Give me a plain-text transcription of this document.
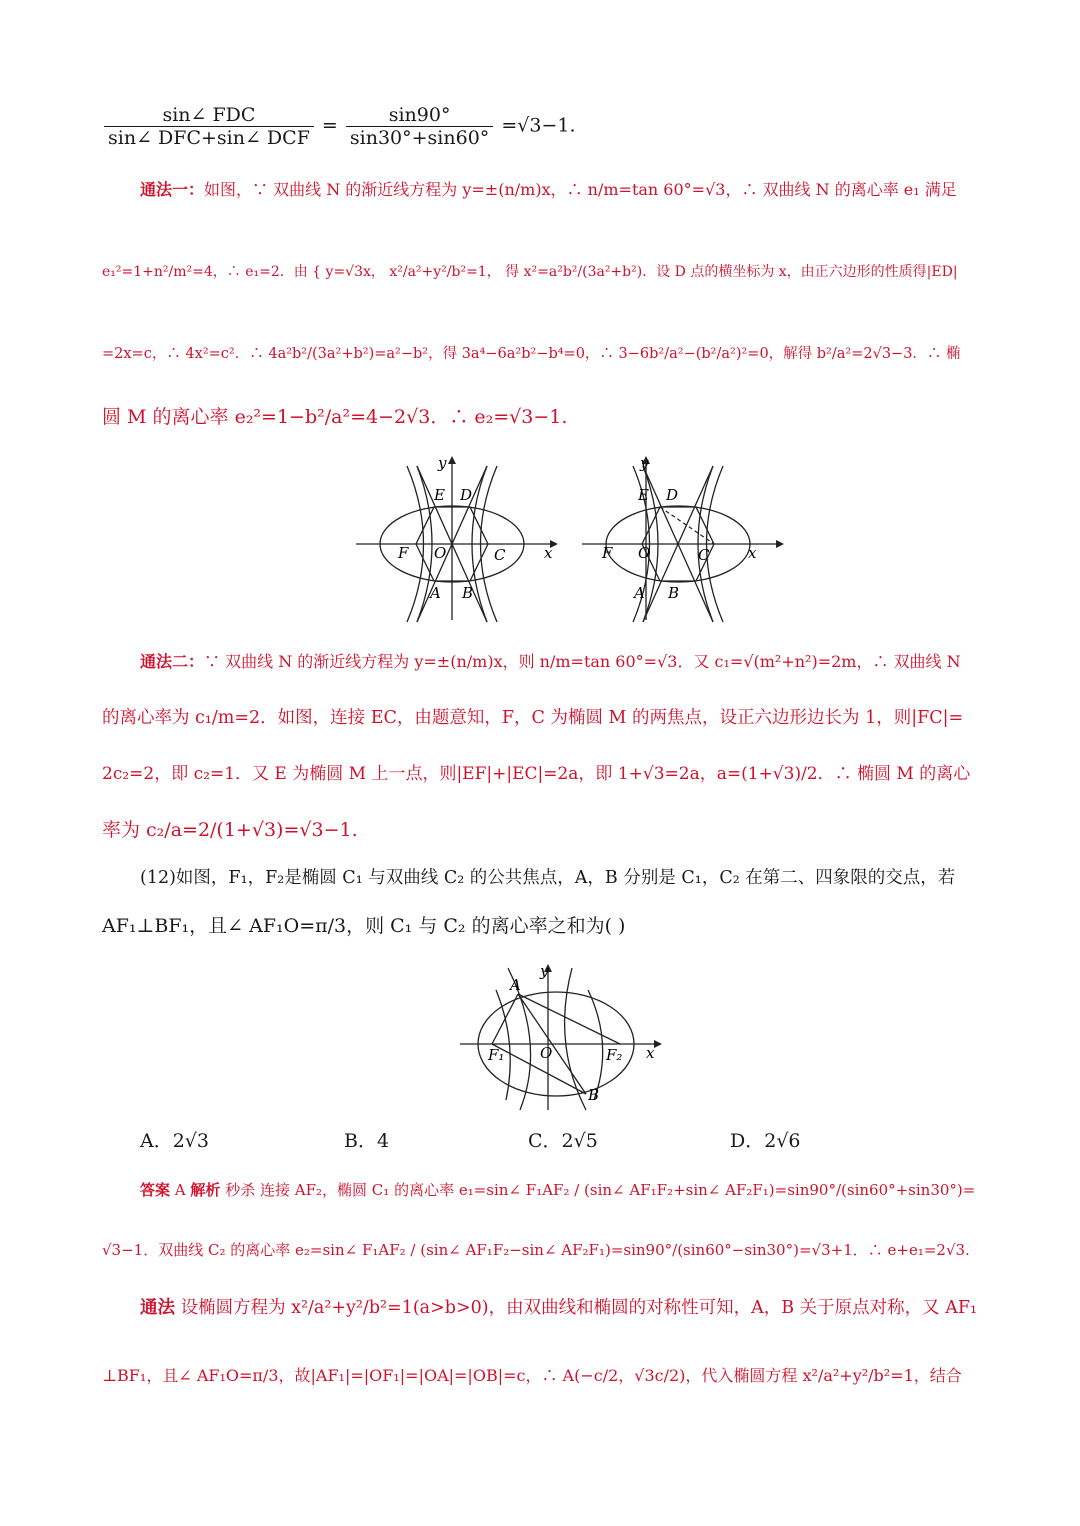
$\frac{\text{sin∠ FDC}}{\text{sin∠ DFC+sin∠ DCF}} = \frac{\sin 90^\circ}{\sin 30^\circ+\sin 60^\circ} =√3-1$.
通法一：如图，∵ 双曲线 N 的渐近线方程为 y=±(n/m)x，∴ n/m=tan 60°=√3，∴ 双曲线 N 的离心率 e₁ 满足
e₁²=1+n²/m²=4，∴ e₁=2．由 { y=√3x， x²/a²+y²/b²=1， 得 x²=a²b²/(3a²+b²)．设 D 点的横坐标为 x，由正六边形的性质得|ED|
=2x=c，∴ 4x²=c²．∴ 4a²b²/(3a²+b²)=a²−b²，得 3a⁴−6a²b²−b⁴=0，∴ 3−6b²/a²−(b²/a²)²=0，解得 b²/a²=2√3−3．∴ 椭
圆 M 的离心率 e₂²=1−b²/a²=4−2√3．∴ e₂=√3−1.
y
E D
F O	C	x
A B
y
E D
F O	C	x
A B
通法二：∵ 双曲线 N 的渐近线方程为 y=±(n/m)x，则 n/m=tan 60°=√3．又 c₁=√(m²+n²)=2m，∴ 双曲线 N
的离心率为 c₁/m=2．如图，连接 EC，由题意知，F，C 为椭圆 M 的两焦点，设正六边形边长为 1，则|FC|=
2c₂=2，即 c₂=1．又 E 为椭圆 M 上一点，则|EF|+|EC|=2a，即 1+√3=2a，a=(1+√3)/2．∴ 椭圆 M 的离心
率为 c₂/a=2/(1+√3)=√3−1.
(12)如图，F₁，F₂是椭圆 C₁ 与双曲线 C₂ 的公共焦点，A，B 分别是 C₁，C₂ 在第二、四象限的交点，若
AF₁⊥BF₁，且∠ AF₁O=π/3，则 C₁ 与 C₂ 的离心率之和为( )
y
A
F₁ O	F₂ x
B
A．2√3	B．4	C．2√5	D．2√6
答案 A 解析 秒杀 连接 AF₂，椭圆 C₁ 的离心率 e₁=sin∠ F₁AF₂ / (sin∠ AF₁F₂+sin∠ AF₂F₁)=sin90°/(sin60°+sin30°)=
√3−1．双曲线 C₂ 的离心率 e₂=sin∠ F₁AF₂ / (sin∠ AF₁F₂−sin∠ AF₂F₁)=sin90°/(sin60°−sin30°)=√3+1．∴ e+e₁=2√3.
通法 设椭圆方程为 x²/a²+y²/b²=1(a>b>0)，由双曲线和椭圆的对称性可知，A，B 关于原点对称，又 AF₁
⊥BF₁，且∠ AF₁O=π/3，故|AF₁|=|OF₁|=|OA|=|OB|=c，∴ A(−c/2，√3c/2)，代入椭圆方程 x²/a²+y²/b²=1，结合
